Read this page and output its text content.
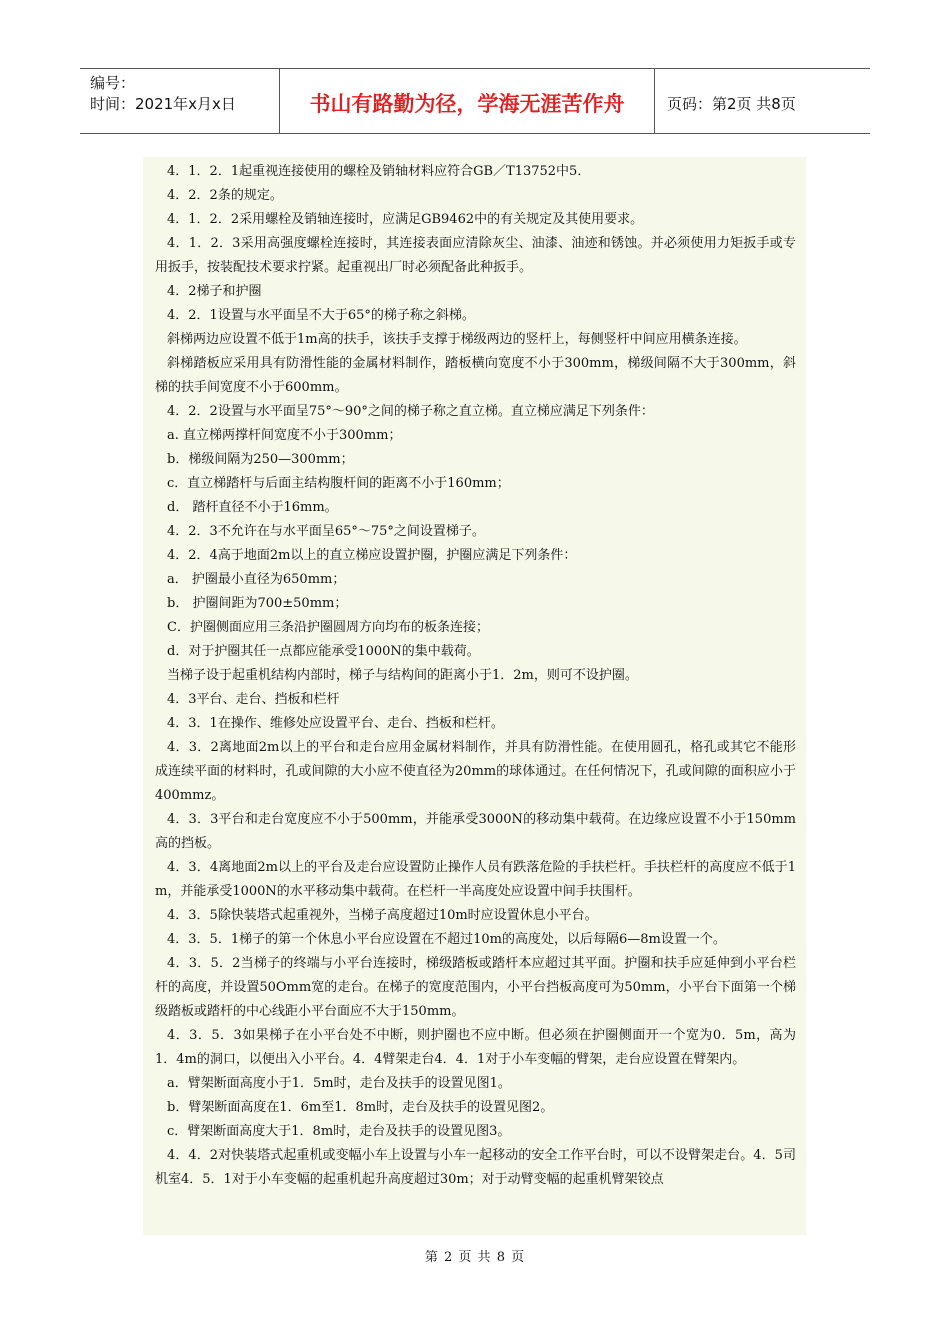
编号：
时间：2021年x月x日	书山有路勤为径，学海无涯苦作舟	页码：第2页 共8页

4．1．2．1起重视连接使用的螺栓及销轴材料应符合GB／T13752中5．

4．2．2条的规定。

4．1．2．2采用螺栓及销轴连接时，应满足GB9462中的有关规定及其使用要求。

4．1．2．3采用高强度螺栓连接时，其连接表面应清除灰尘、油漆、油迹和锈蚀。并必须使用力矩扳手或专用扳手，按装配技术要求拧紧。起重视出厂时必须配备此种扳手。

4．2梯子和护圈

4．2．1设置与水平面呈不大于65°的梯子称之斜梯。

斜梯两边应设置不低于1m高的扶手，该扶手支撑于梯级两边的竖杆上，每侧竖杆中间应用横条连接。

斜梯踏板应采用具有防滑性能的金属材料制作，踏板横向宽度不小于300mm，梯级间隔不大于300mm，斜梯的扶手间宽度不小于600mm。

4．2．2设置与水平面呈75°～90°之间的梯子称之直立梯。直立梯应满足下列条件：

a. 直立梯两撑杆间宽度不小于300mm；

b．梯级间隔为250—300mm；

c．直立梯踏杆与后面主结构腹杆间的距离不小于160mm；

d． 踏杆直径不小于16mm。

4．2．3不允许在与水平面呈65°～75°之间设置梯子。

4．2．4高于地面2m以上的直立梯应设置护圈，护圈应满足下列条件：

a． 护圈最小直径为650mm；

b． 护圈间距为700±50mm；

C．护圈侧面应用三条沿护圈圆周方向均布的板条连接；

d．对于护圈其任一点都应能承受1000N的集中载荷。

当梯子设于起重机结构内部时，梯子与结构间的距离小于1．2m，则可不设护圈。

4．3平台、走台、挡板和栏杆

4．3．1在操作、维修处应设置平台、走台、挡板和栏杆。

4．3．2离地面2m以上的平台和走台应用金属材料制作，并具有防滑性能。在使用圆孔，格孔或其它不能形成连续平面的材料时，孔或间隙的大小应不使直径为20mm的球体通过。在任何情况下，孔或间隙的面积应小于400mmz。

4．3．3平台和走台宽度应不小于500mm，并能承受3000N的移动集中载荷。在边缘应设置不小于150mm高的挡板。

4．3．4离地面2m以上的平台及走台应设置防止操作人员有跌落危险的手扶栏杆。手扶栏杆的高度应不低于1m，并能承受1000N的水平移动集中载荷。在栏杆一半高度处应设置中间手扶围杆。

4．3．5除快装塔式起重视外，当梯子高度超过10m时应设置休息小平台。

4．3．5．1梯子的第一个休息小平台应设置在不超过10m的高度处，以后每隔6—8m设置一个。

4．3．5．2当梯子的终端与小平台连接时，梯级踏板或踏杆本应超过其平面。护圈和扶手应延伸到小平台栏杆的高度，并设置50Omm宽的走台。在梯子的宽度范围内，小平台挡板高度可为50mm，小平台下面第一个梯级踏板或踏杆的中心线距小平台面应不大于150mm。

4．3．5．3如果梯子在小平台处不中断，则护圈也不应中断。但必须在护圈侧面开一个宽为0．5m，高为1．4m的洞口，以便出入小平台。4．4臂架走台4．4．1对于小车变幅的臂架，走台应设置在臂架内。

a．臂架断面高度小于1．5m时，走台及扶手的设置见图1。

b．臂架断面高度在1．6m至1．8m时，走台及扶手的设置见图2。

c．臂架断面高度大于1．8m时，走台及扶手的设置见图3。

4．4．2对快装塔式起重机或变幅小车上设置与小车一起移动的安全工作平台时，可以不设臂架走台。4．5司机室4．5．1对于小车变幅的起重机起升高度超过30m；对于动臂变幅的起重机臂架铰点

第 2 页 共 8 页
